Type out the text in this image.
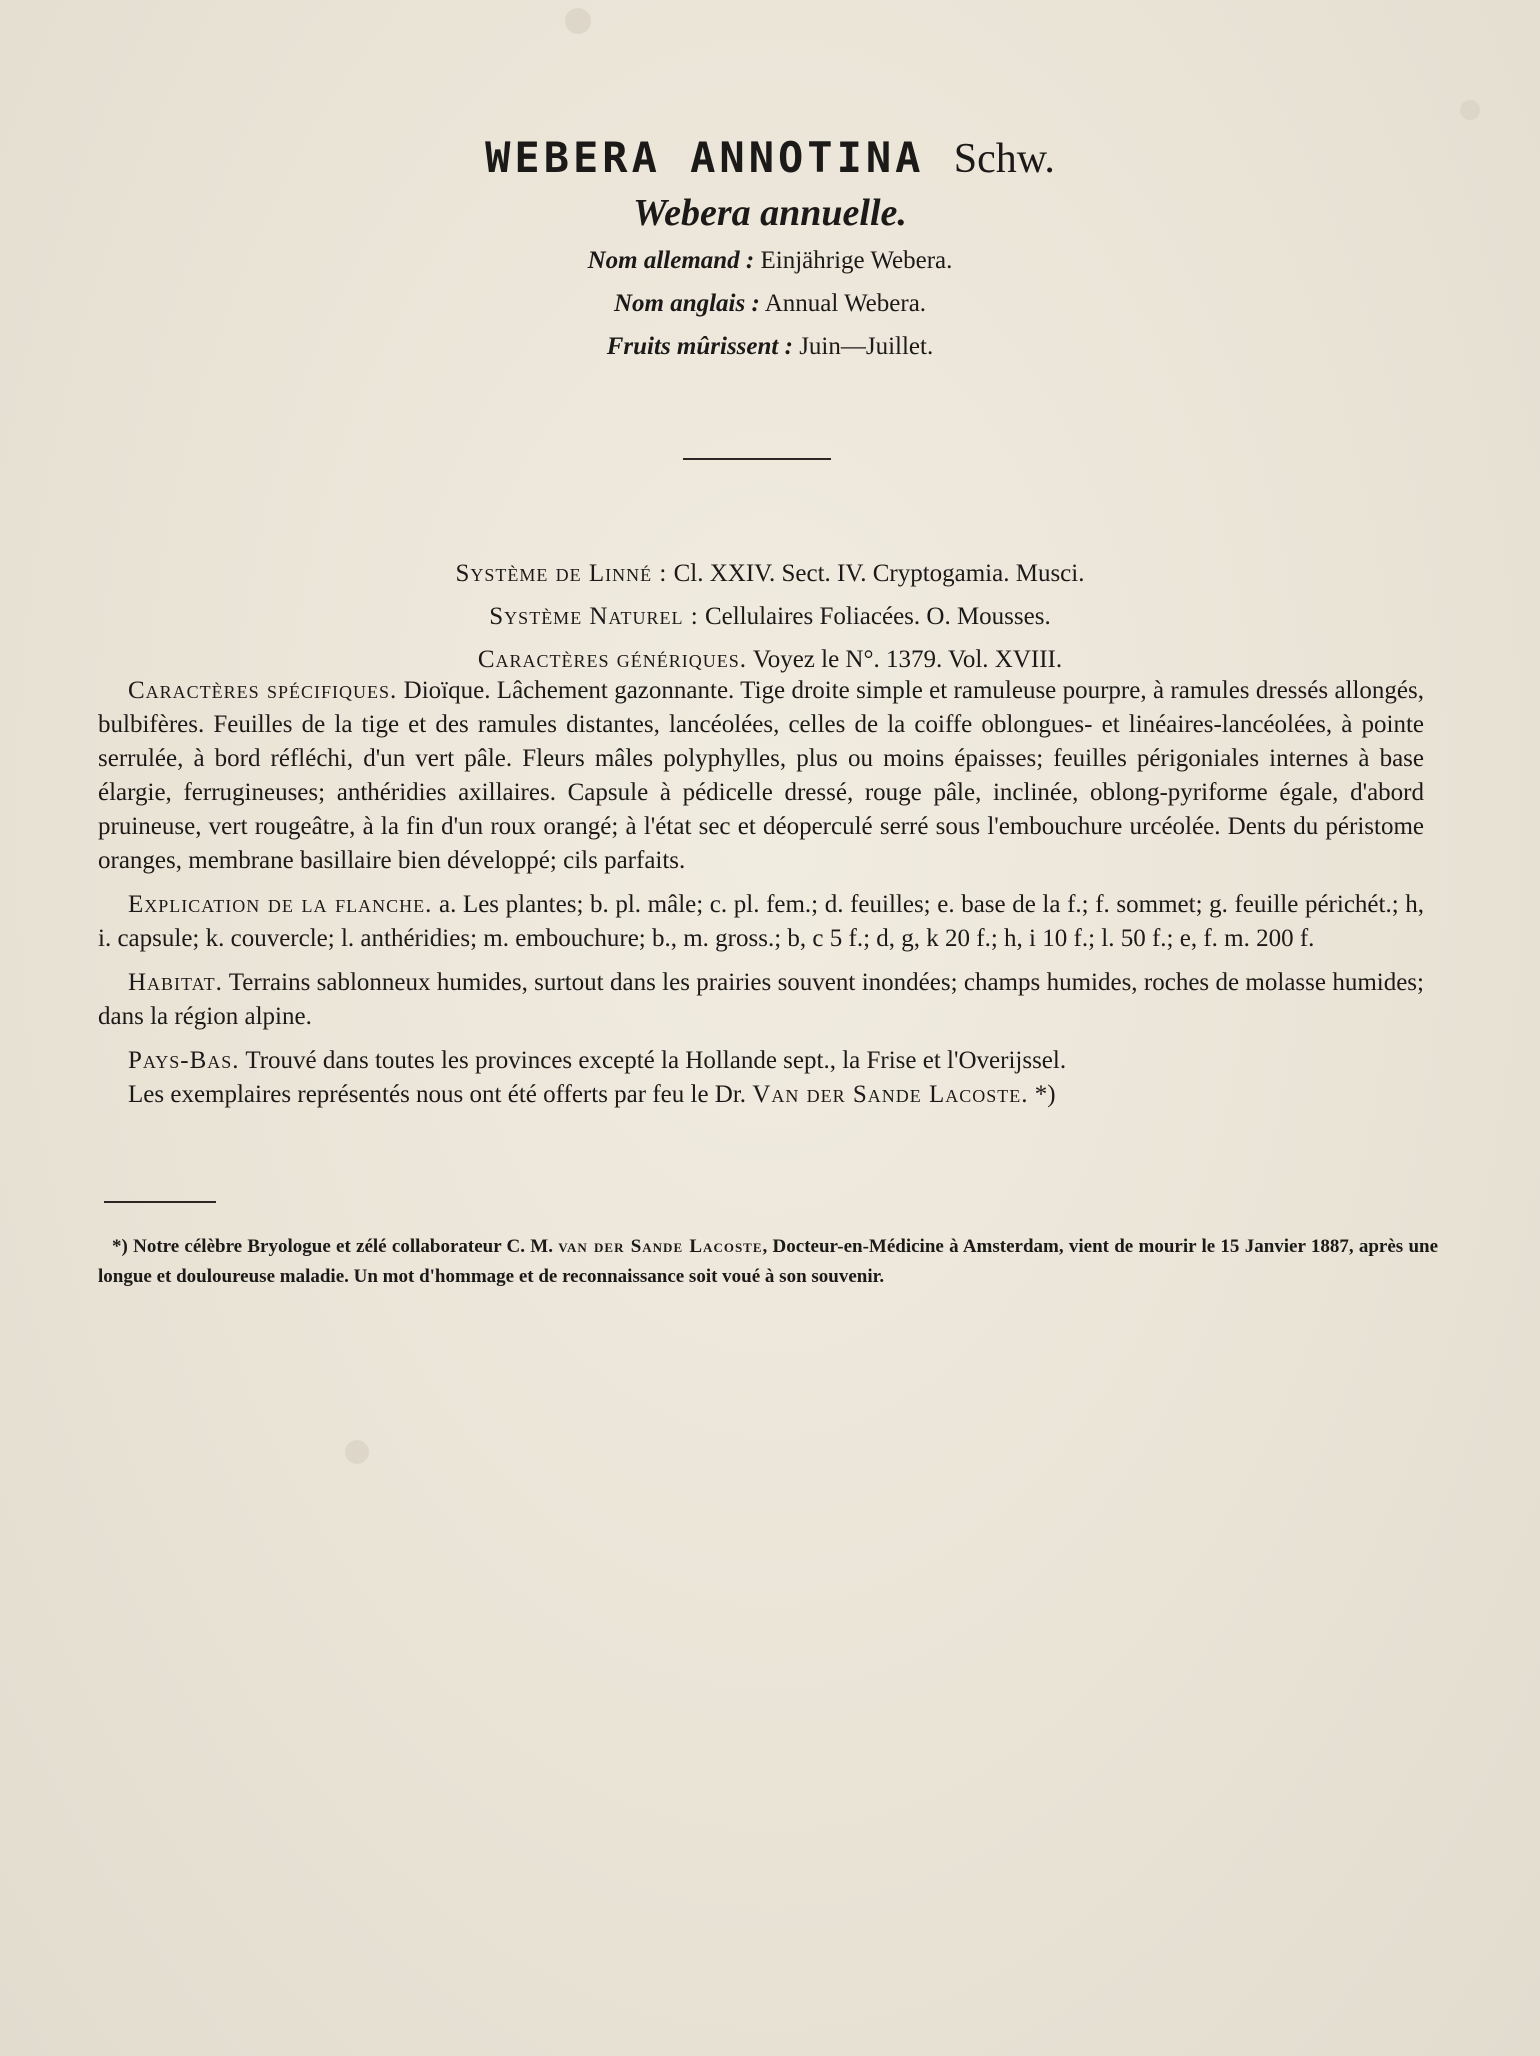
WEBERA ANNOTINA Schw.
Webera annuelle.
Nom allemand : Einjährige Webera.
Nom anglais : Annual Webera.
Fruits mûrissent : Juin—Juillet.
Système de Linné : Cl. XXIV. Sect. IV. Cryptogamia. Musci.
Système Naturel : Cellulaires Foliacées. O. Mousses.
Caractères génériques. Voyez le N°. 1379. Vol. XVIII.

Caractères spécifiques. Dioïque. Lâchement gazonnante. Tige droite simple et ramuleuse pourpre, à ramules dressés allongés, bulbifères. Feuilles de la tige et des ramules distantes, lancéolées, celles de la coiffe oblongues- et linéaires-lancéolées, à pointe serrulée, à bord réfléchi, d'un vert pâle. Fleurs mâles polyphylles, plus ou moins épaisses; feuilles périgoniales internes à base élargie, ferrugineuses; anthéridies axillaires. Capsule à pédicelle dressé, rouge pâle, inclinée, oblong-pyriforme égale, d'abord pruineuse, vert rougeâtre, à la fin d'un roux orangé; à l'état sec et déoperculé serré sous l'embouchure urcéolée. Dents du péristome oranges, membrane basillaire bien développé; cils parfaits.

Explication de la flanche. a. Les plantes; b. pl. mâle; c. pl. fem.; d. feuilles; e. base de la f.; f. sommet; g. feuille périchét.; h, i. capsule; k. couvercle; l. anthéridies; m. embouchure; b., m. gross.; b, c 5 f.; d, g, k 20 f.; h, i 10 f.; l. 50 f.; e, f. m. 200 f.

Habitat. Terrains sablonneux humides, surtout dans les prairies souvent inondées; champs humides, roches de molasse humides; dans la région alpine.

Pays-Bas. Trouvé dans toutes les provinces excepté la Hollande sept., la Frise et l'Overijssel.

Les exemplaires représentés nous ont été offerts par feu le Dr. Van der Sande Lacoste. *)

*) Notre célèbre Bryologue et zélé collaborateur C. M. van der Sande Lacoste, Docteur-en-Médicine à Amsterdam, vient de mourir le 15 Janvier 1887, après une longue et douloureuse maladie. Un mot d'hommage et de reconnaissance soit voué à son souvenir.
